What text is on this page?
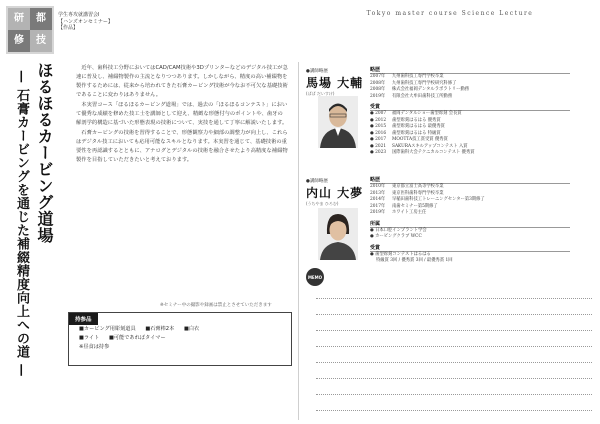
研	都
修	技
学生専攻就講習会Ⅰ
【ハンズオンセミナー】
【作品】
Tokyo master course Science Lecture
ほるほるカービング道場
— 石膏カービングを通じた補綴精度向上への道 —

近年、歯科技工分野においてはCAD/CAM技術や3Dプリンターなどのデジタル技工が急速に普及し、補綴物製作の主流となりつつあります。しかしながら、精度の高い補綴物を製作するためには、従来から培われてきた石膏カービング技術が今なお不可欠な基礎技術であることに変わりはありません。

本実習コース「ほるほるカービング道場」では、過去の「ほるほるコンテスト」において優秀な成績を修めた技工士を講師として迎え、精緻な形態付与のポイントや、歯牙の解剖学的構造に基づいた形態表現の技術について、実技を通して丁寧に解説いたします。

石膏カービングの技術を習得することで、形態観察力や細部の調整力が向上し、これらはデジタル技工においても応用可能なスキルとなります。本実習を通じて、基礎技術の重要性を再認識するとともに、アナログとデジタルの技術を融合させたより高精度な補綴物製作を目指していただきたいと考えております。

※セミナー中の撮影や録画は禁止とさせていただきます
持参品
■カービング用彫刻道具 ■石膏棒2本 ■白衣
■ライト ■可能であればタイマー
※昼食は持参
●講師略歴
馬場 大輔
(ばば だいすけ)
略歴
2007年 九州歯科技工専門学校卒業
2008年 九州歯科技工専門学校研究科修了
2008年 株式会社福岡デンタルラボラトリー勤務
2019年 有限会社大牟田歯科技工所勤務
受賞
● 2007 福岡デンタルショー歯型彫刻 会長賞
● 2012 歯型彫刻はるはる 優秀賞
● 2015 歯型彫刻はるはる 最優秀賞
● 2016 歯型彫刻はるはる 特級賞
● 2017 MOOTTA技工賞受賞 優秀賞
● 2021 SAKURAスキルアップコンテスト 入賞
● 2023 国際歯科大会テクニカルコンテスト 優秀賞
●講師略歴
内山 大夢
(うちやま ひろむ)
略歴
2010年 東京都立富士高等学校卒業
2013年 東京医科歯科専門学校卒業
2014年 早稲田歯科技工トレーニングセンター第3期修了
2017年 南歯セミナー第5期修了
2019年 ホワイト工房主任
所属
● 日本口腔インプラント学会
● カービングクラブ WCC
受賞
● 歯型彫刻コンテストはるはる
特級賞 3回 / 優秀賞 3回 / 最優秀賞 1回
MEMO
